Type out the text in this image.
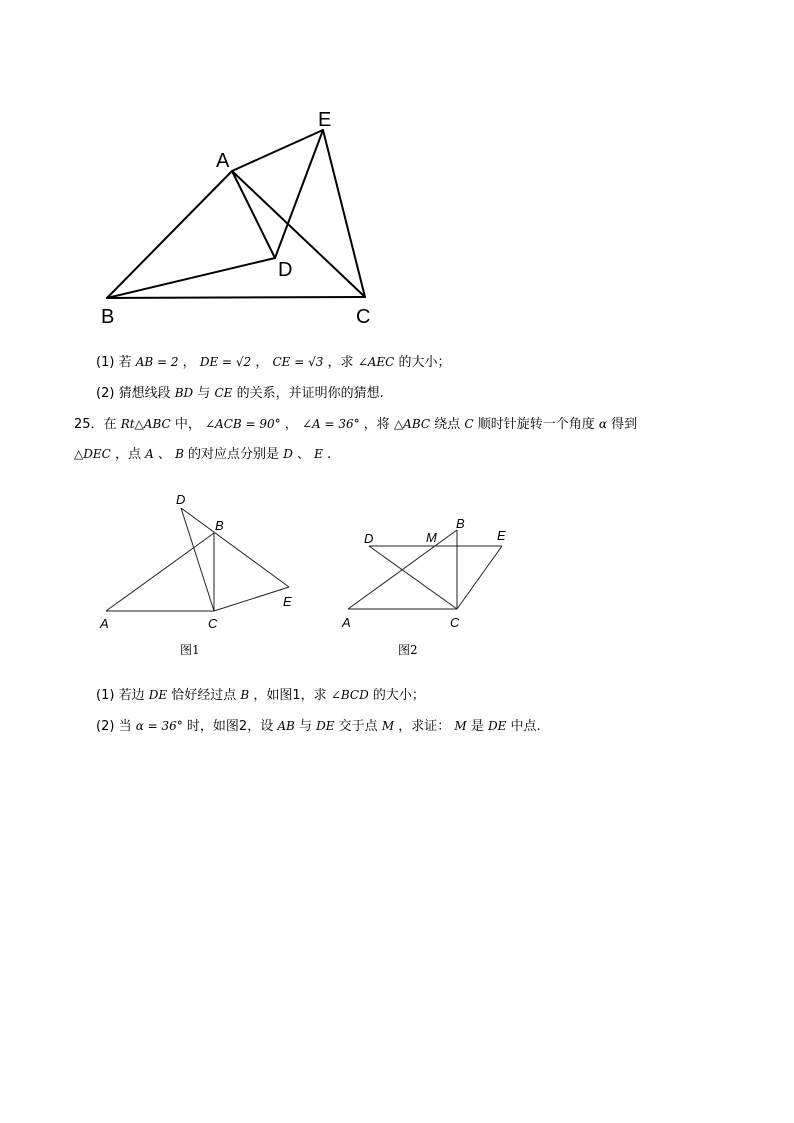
A
E
D
B	C
(1) 若 AB = 2 ， DE = √2 ， CE = √3 ，求 ∠AEC 的大小；
(2) 猜想线段 BD 与 CE 的关系，并证明你的猜想.
25．在 Rt△ABC 中， ∠ACB = 90° ， ∠A = 36° ，将 △ABC 绕点 C 顺时针旋转一个角度 α 得到
△DEC ，点 A 、 B 的对应点分别是 D 、 E .
D
B
E
A	C
图1
D	M
B
E
A	C
图2
(1) 若边 DE 恰好经过点 B ，如图1，求 ∠BCD 的大小；
(2) 当 α = 36° 时，如图2，设 AB 与 DE 交于点 M ，求证： M 是 DE 中点.
